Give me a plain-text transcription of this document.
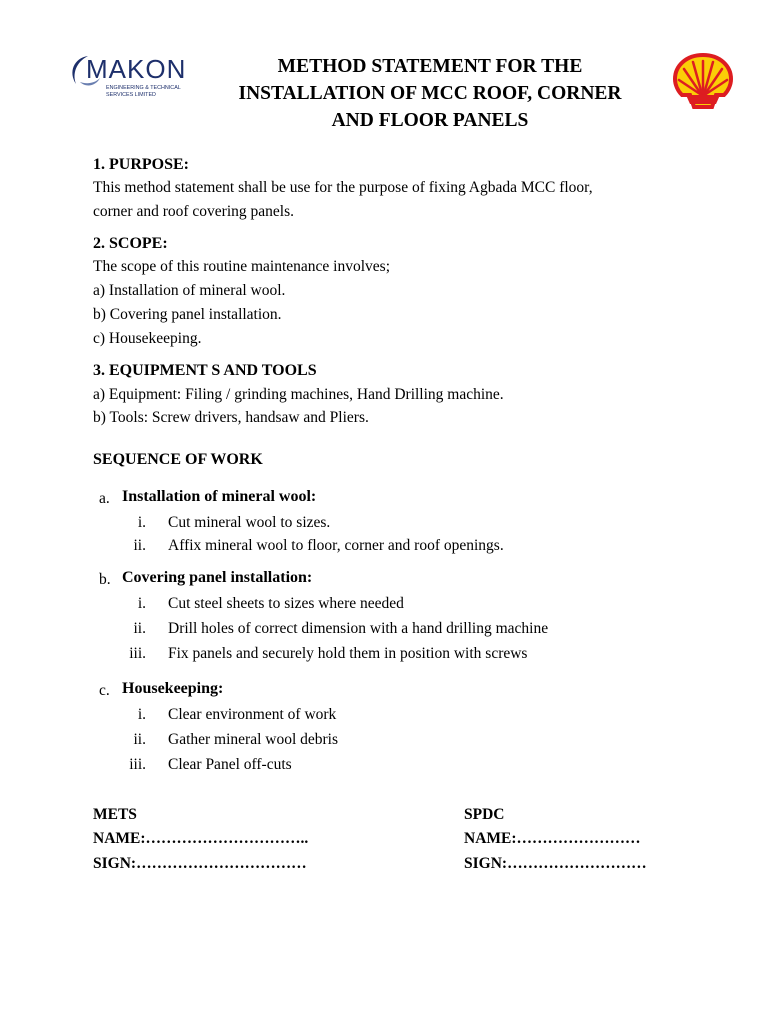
MAKON
ENGINEERING & TECHNICAL
SERVICES LIMITED
METHOD STATEMENT FOR THE
INSTALLATION OF MCC ROOF, CORNER
AND FLOOR PANELS
1. PURPOSE:
This method statement shall be use for the purpose of fixing Agbada MCC floor,
corner and roof covering panels.
2. SCOPE:
The scope of this routine maintenance involves;
a) Installation of mineral wool.
b) Covering panel installation.
c) Housekeeping.
3. EQUIPMENT S AND TOOLS
a) Equipment: Filing / grinding machines, Hand Drilling machine.
b) Tools: Screw drivers, handsaw and Pliers.
SEQUENCE OF WORK
a. Installation of mineral wool:
i. Cut mineral wool to sizes.
ii. Affix mineral wool to floor, corner and roof openings.
b. Covering panel installation:
i. Cut steel sheets to sizes where needed
ii. Drill holes of correct dimension with a hand drilling machine
iii. Fix panels and securely hold them in position with screws
c. Housekeeping:
i. Clear environment of work
ii. Gather mineral wool debris
iii. Clear Panel off-cuts
METS
NAME:…………………………..
SIGN:……………………………
SPDC
NAME:……………………
SIGN:………………………
